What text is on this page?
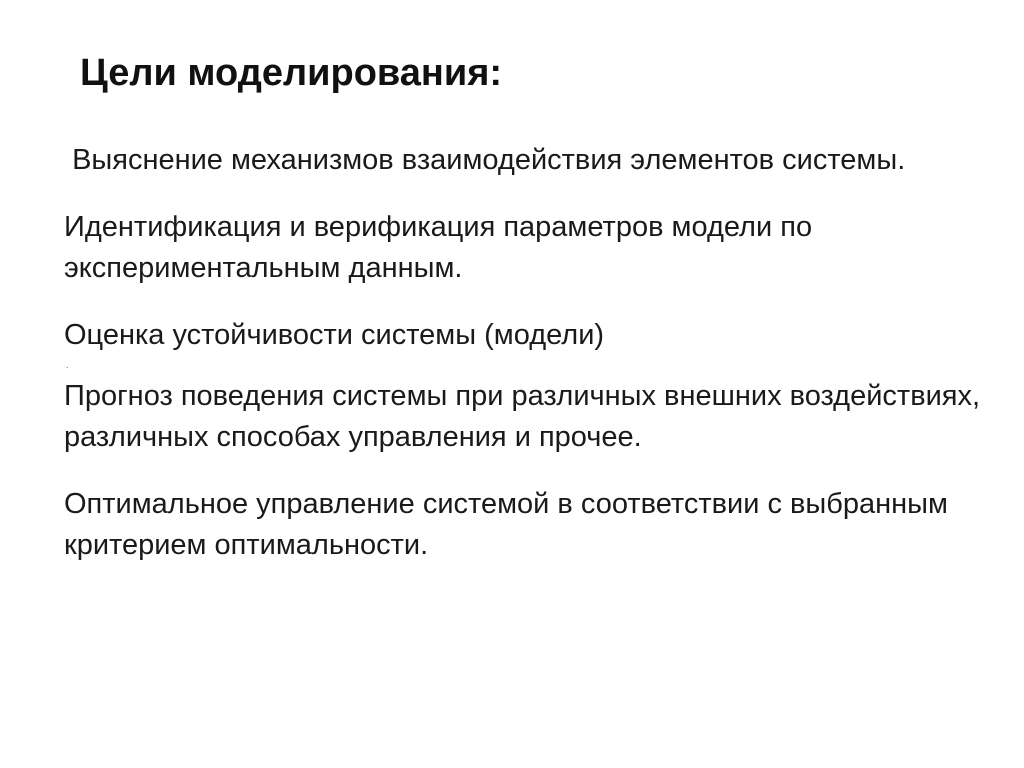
Цели моделирования:

Выяснение механизмов взаимодействия элементов системы.

Идентификация и верификация параметров модели по экспериментальным данным.

Оценка устойчивости системы (модели)

.

Прогноз поведения системы при различных внешних воздействиях, различных способах управления и прочее.

Оптимальное управление системой в соответствии с выбранным критерием оптимальности.
